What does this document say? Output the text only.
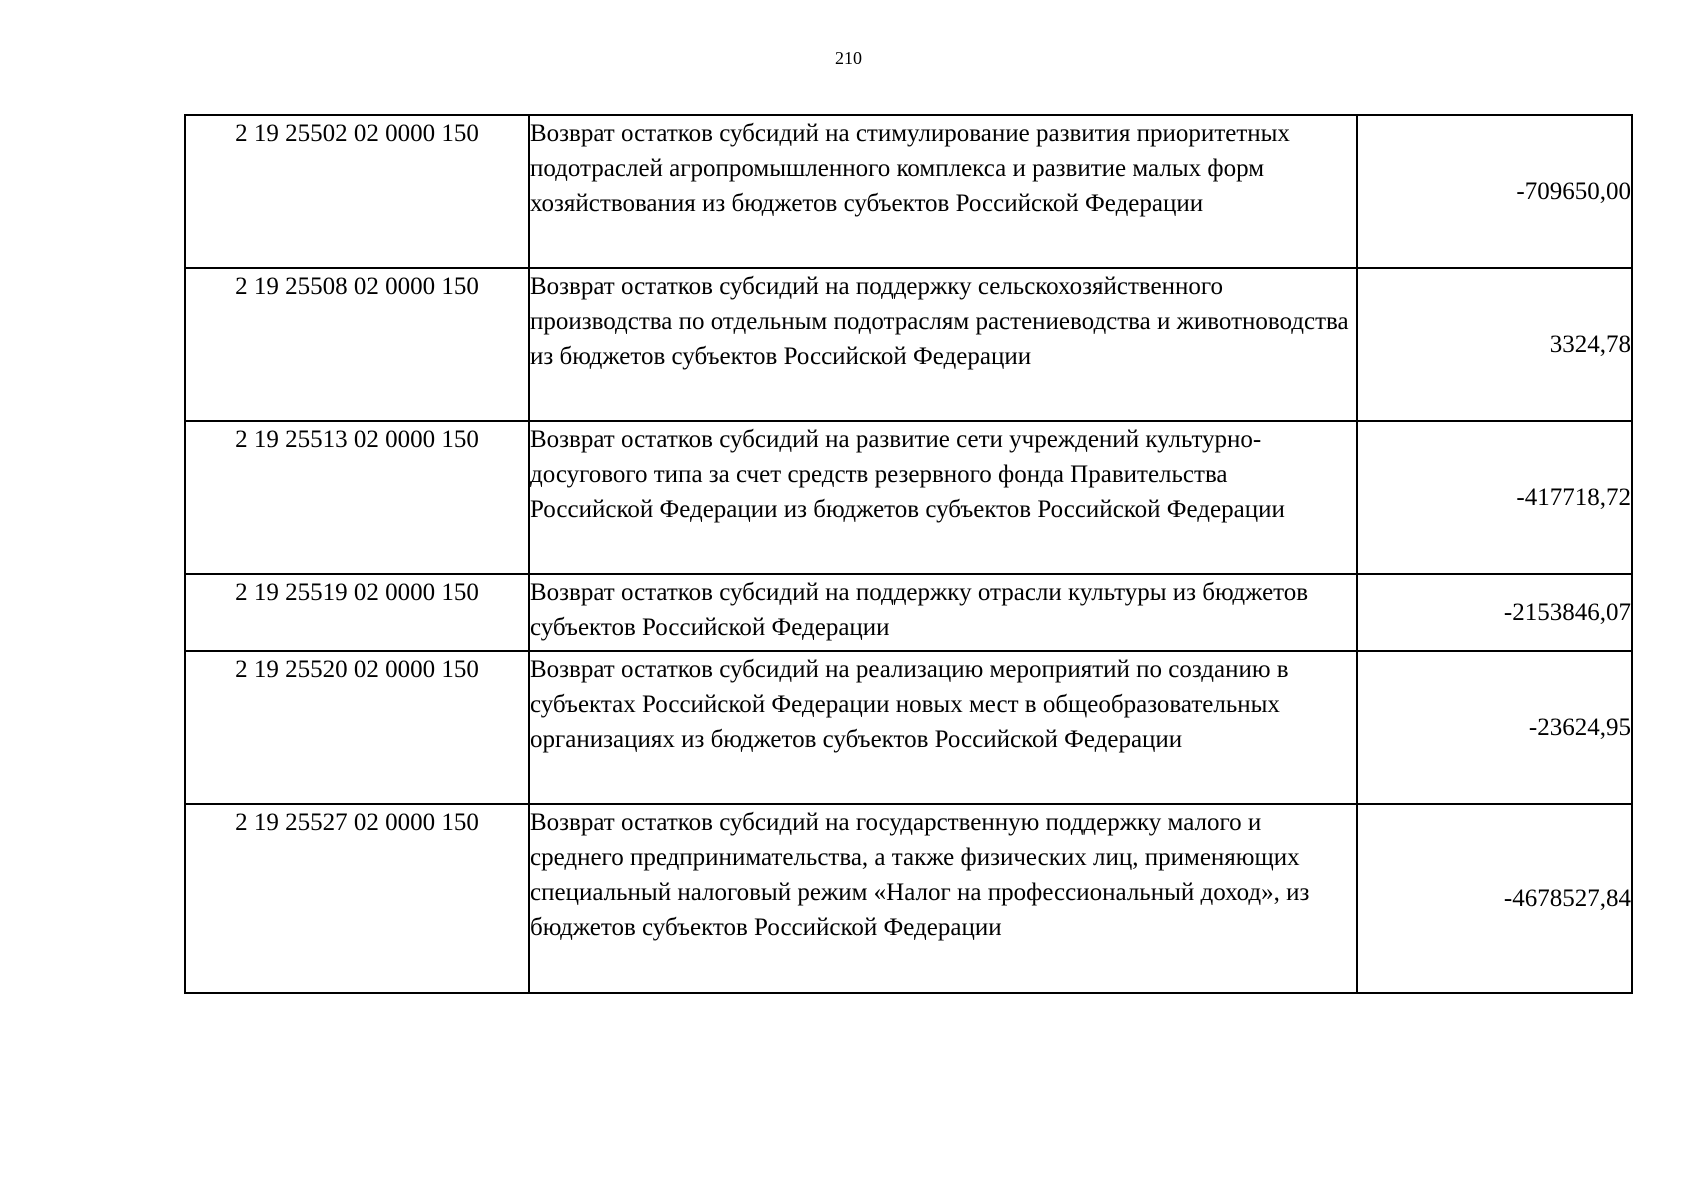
210
2 19 25502 02 0000 150	Возврат остатков субсидий на стимулирование развития приоритетных подотраслей агропромышленного комплекса и развитие малых форм хозяйствования из бюджетов субъектов Российской Федерации	-709650,00
2 19 25508 02 0000 150	Возврат остатков субсидий на поддержку сельскохозяйственного производства по отдельным подотраслям растениеводства и животноводства из бюджетов субъектов Российской Федерации	3324,78
2 19 25513 02 0000 150	Возврат остатков субсидий на развитие сети учреждений культурно-досугового типа за счет средств резервного фонда Правительства Российской Федерации из бюджетов субъектов Российской Федерации	-417718,72
2 19 25519 02 0000 150	Возврат остатков субсидий на поддержку отрасли культуры из бюджетов субъектов Российской Федерации	-2153846,07
2 19 25520 02 0000 150	Возврат остатков субсидий на реализацию мероприятий по созданию в субъектах Российской Федерации новых мест в общеобразовательных организациях из бюджетов субъектов Российской Федерации	-23624,95
2 19 25527 02 0000 150	Возврат остатков субсидий на государственную поддержку малого и среднего предпринимательства, а также физических лиц, применяющих специальный налоговый режим «Налог на профессиональный доход», из бюджетов субъектов Российской Федерации	-4678527,84
